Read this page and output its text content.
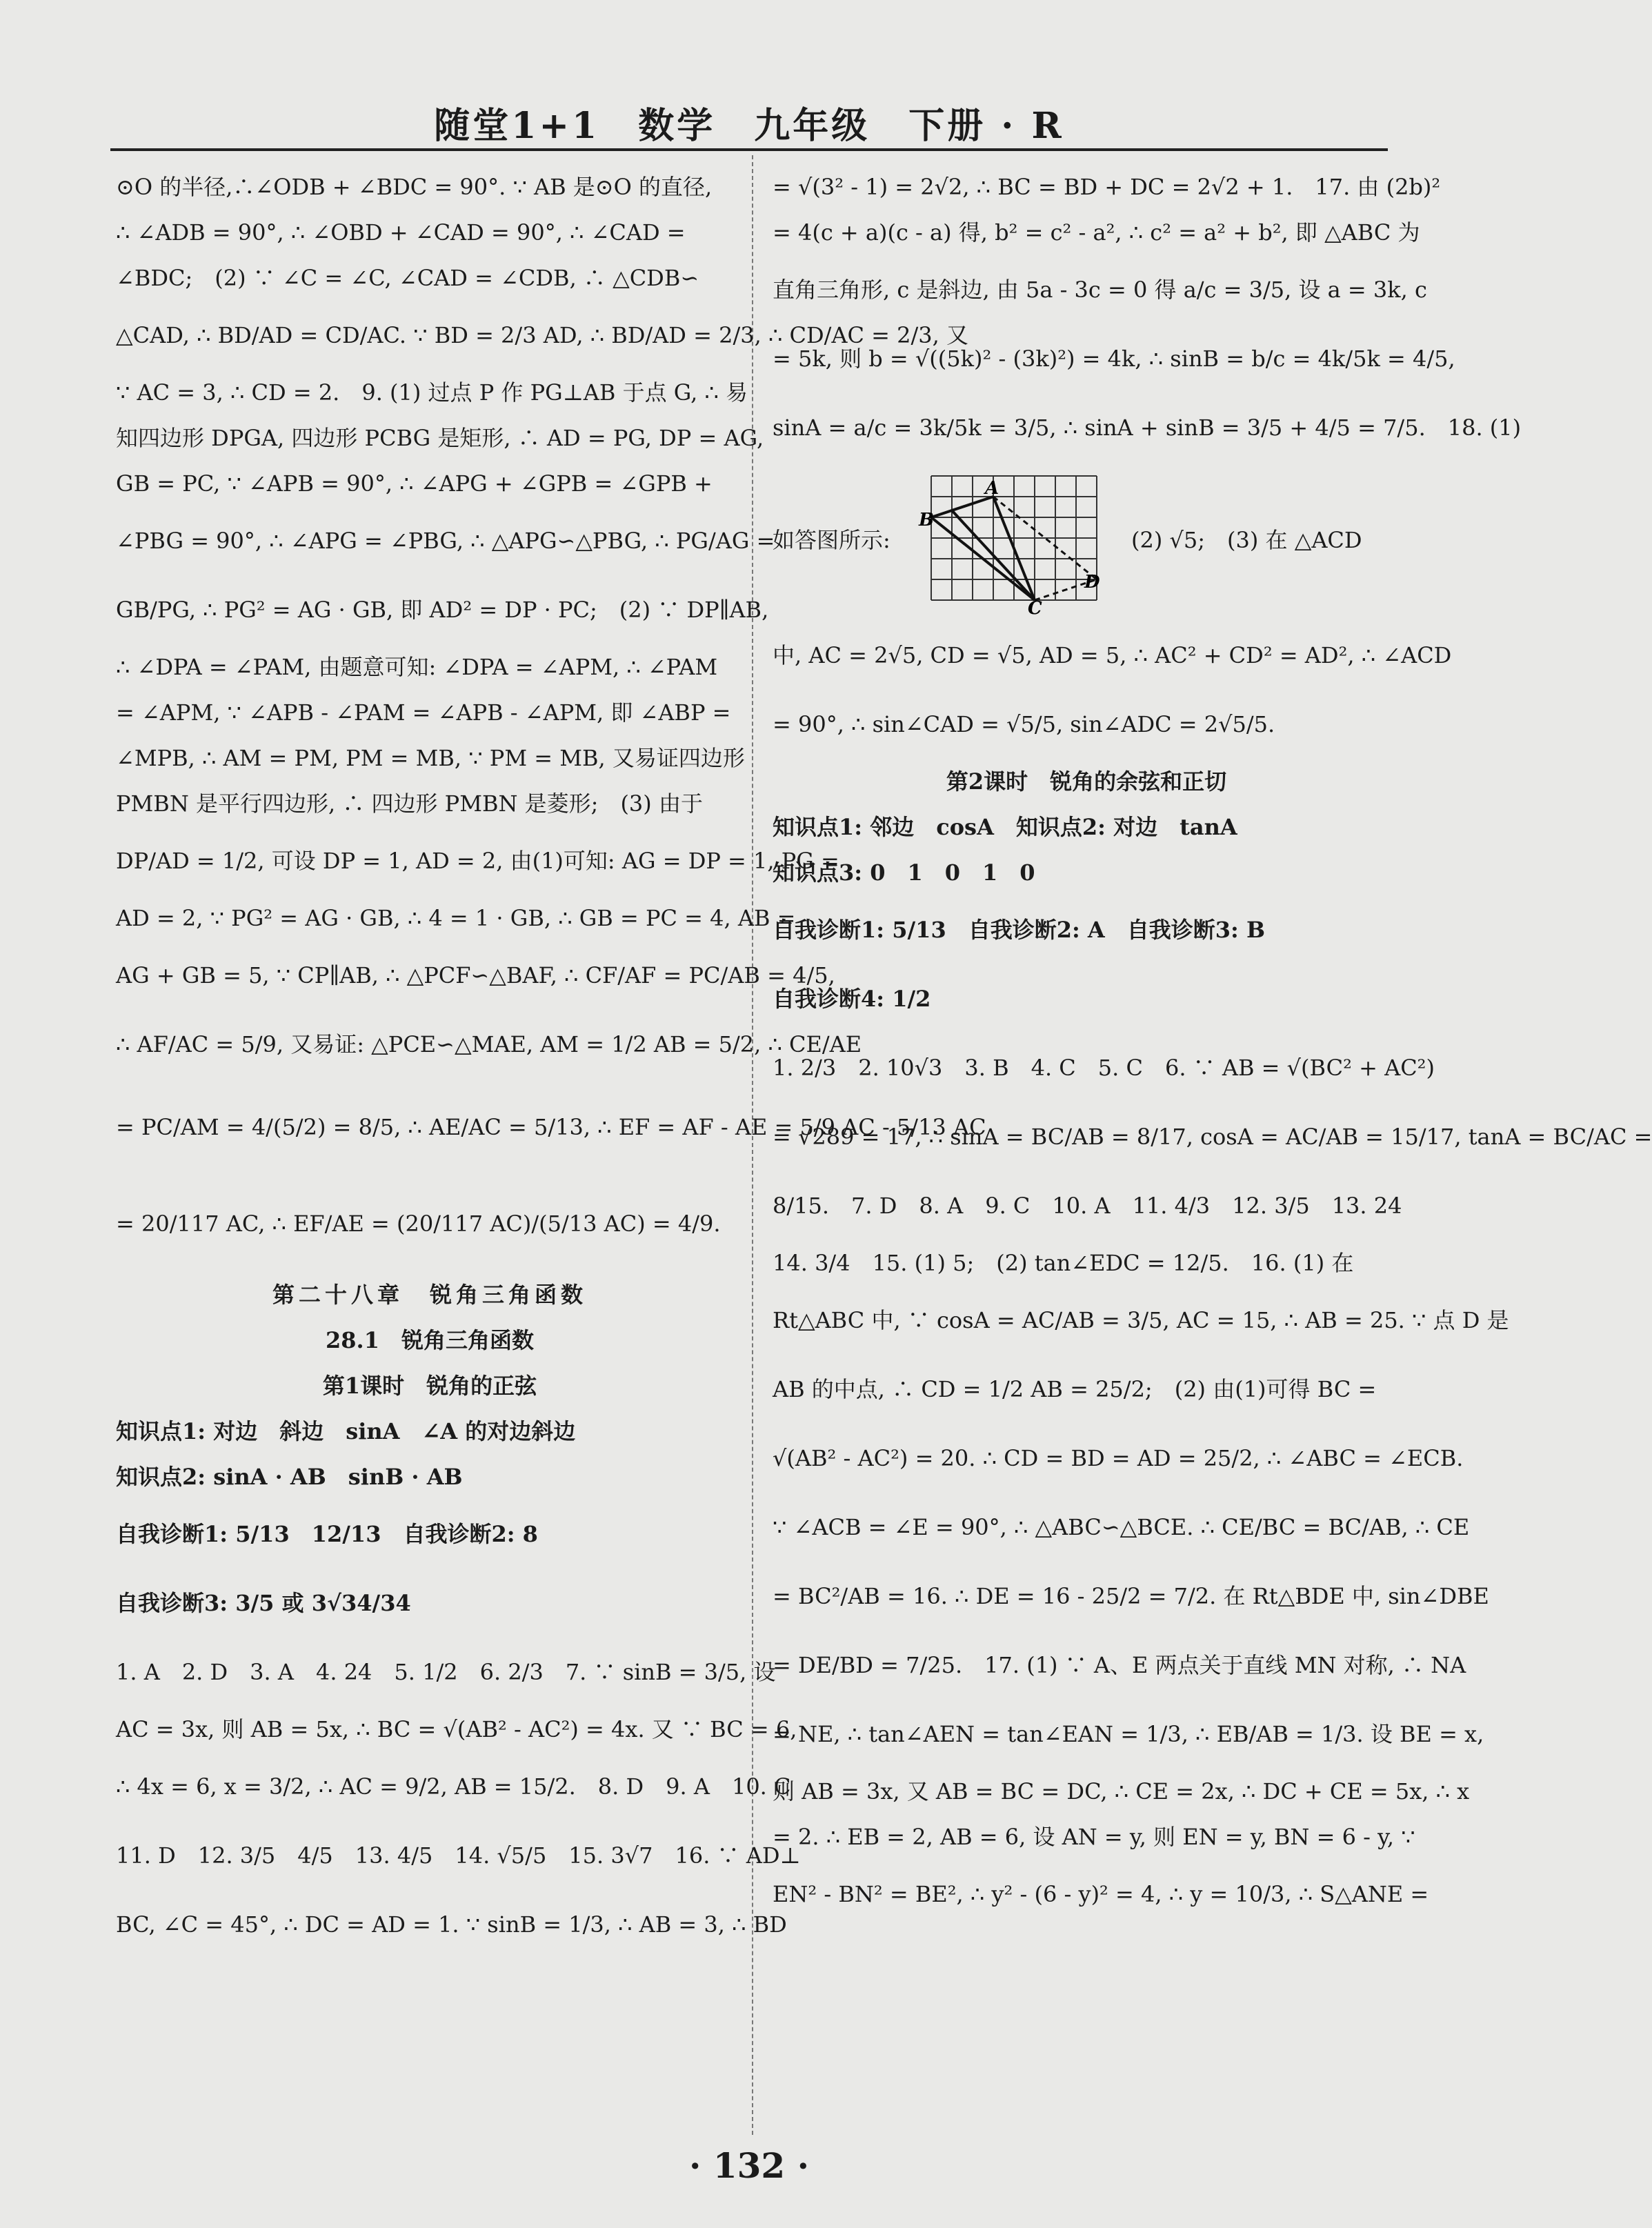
随堂1+1　数学　九年级　下册 · R
⊙O 的半径,∴∠ODB + ∠BDC = 90°. ∵ AB 是⊙O 的直径,
∴ ∠ADB = 90°, ∴ ∠OBD + ∠CAD = 90°, ∴ ∠CAD =
∠BDC;　(2) ∵ ∠C = ∠C, ∠CAD = ∠CDB, ∴ △CDB∽
△CAD, ∴ BD/AD = CD/AC. ∵ BD = 2/3 AD, ∴ BD/AD = 2/3, ∴ CD/AC = 2/3, 又
∵ AC = 3, ∴ CD = 2.　9. (1) 过点 P 作 PG⊥AB 于点 G, ∴ 易
知四边形 DPGA, 四边形 PCBG 是矩形, ∴ AD = PG, DP = AG,
GB = PC, ∵ ∠APB = 90°, ∴ ∠APG + ∠GPB = ∠GPB +
∠PBG = 90°, ∴ ∠APG = ∠PBG, ∴ △APG∽△PBG, ∴ PG/AG =
GB/PG, ∴ PG² = AG · GB, 即 AD² = DP · PC;　(2) ∵ DP∥AB,
∴ ∠DPA = ∠PAM, 由题意可知: ∠DPA = ∠APM, ∴ ∠PAM
= ∠APM, ∵ ∠APB - ∠PAM = ∠APB - ∠APM, 即 ∠ABP =
∠MPB, ∴ AM = PM, PM = MB, ∵ PM = MB, 又易证四边形
PMBN 是平行四边形, ∴ 四边形 PMBN 是菱形;　(3) 由于
DP/AD = 1/2, 可设 DP = 1, AD = 2, 由(1)可知: AG = DP = 1, PG =
AD = 2, ∵ PG² = AG · GB, ∴ 4 = 1 · GB, ∴ GB = PC = 4, AB =
AG + GB = 5, ∵ CP∥AB, ∴ △PCF∽△BAF, ∴ CF/AF = PC/AB = 4/5,
∴ AF/AC = 5/9, 又易证: △PCE∽△MAE, AM = 1/2 AB = 5/2, ∴ CE/AE
= PC/AM = 4/(5/2) = 8/5, ∴ AE/AC = 5/13, ∴ EF = AF - AE = 5/9 AC - 5/13 AC
= 20/117 AC, ∴ EF/AE = (20/117 AC)/(5/13 AC) = 4/9.
第二十八章　锐角三角函数
28.1　锐角三角函数
第1课时　锐角的正弦
知识点1: 对边　斜边　sinA　∠A 的对边斜边
知识点2: sinA · AB　sinB · AB
自我诊断1: 5/13　12/13　自我诊断2: 8
自我诊断3: 3/5 或 3√34/34
1. A　2. D　3. A　4. 24　5. 1/2　6. 2/3　7. ∵ sinB = 3/5, 设
AC = 3x, 则 AB = 5x, ∴ BC = √(AB² - AC²) = 4x. 又 ∵ BC = 6,
∴ 4x = 6, x = 3/2, ∴ AC = 9/2, AB = 15/2.　8. D　9. A　10. C
11. D　12. 3/5　4/5　13. 4/5　14. √5/5　15. 3√7　16. ∵ AD⊥
BC, ∠C = 45°, ∴ DC = AD = 1. ∵ sinB = 1/3, ∴ AB = 3, ∴ BD
= √(3² - 1) = 2√2, ∴ BC = BD + DC = 2√2 + 1.　17. 由 (2b)²
= 4(c + a)(c - a) 得, b² = c² - a², ∴ c² = a² + b², 即 △ABC 为
直角三角形, c 是斜边, 由 5a - 3c = 0 得 a/c = 3/5, 设 a = 3k, c
= 5k, 则 b = √((5k)² - (3k)²) = 4k, ∴ sinB = b/c = 4k/5k = 4/5,
sinA = a/c = 3k/5k = 3/5, ∴ sinA + sinB = 3/5 + 4/5 = 7/5.　18. (1)
如答图所示:
A
B
C
D
(2) √5;　(3) 在 △ACD
中, AC = 2√5, CD = √5, AD = 5, ∴ AC² + CD² = AD², ∴ ∠ACD
= 90°, ∴ sin∠CAD = √5/5, sin∠ADC = 2√5/5.
第2课时　锐角的余弦和正切
知识点1: 邻边　cosA　知识点2: 对边　tanA
知识点3: 0　1　0　1　0
自我诊断1: 5/13　自我诊断2: A　自我诊断3: B
自我诊断4: 1/2
1. 2/3　2. 10√3　3. B　4. C　5. C　6. ∵ AB = √(BC² + AC²)
= √289 = 17, ∴ sinA = BC/AB = 8/17, cosA = AC/AB = 15/17, tanA = BC/AC =
8/15.　7. D　8. A　9. C　10. A　11. 4/3　12. 3/5　13. 24
14. 3/4　15. (1) 5;　(2) tan∠EDC = 12/5.　16. (1) 在
Rt△ABC 中, ∵ cosA = AC/AB = 3/5, AC = 15, ∴ AB = 25. ∵ 点 D 是
AB 的中点, ∴ CD = 1/2 AB = 25/2;　(2) 由(1)可得 BC =
√(AB² - AC²) = 20. ∴ CD = BD = AD = 25/2, ∴ ∠ABC = ∠ECB.
∵ ∠ACB = ∠E = 90°, ∴ △ABC∽△BCE. ∴ CE/BC = BC/AB, ∴ CE
= BC²/AB = 16. ∴ DE = 16 - 25/2 = 7/2. 在 Rt△BDE 中, sin∠DBE
= DE/BD = 7/25.　17. (1) ∵ A、E 两点关于直线 MN 对称, ∴ NA
= NE, ∴ tan∠AEN = tan∠EAN = 1/3, ∴ EB/AB = 1/3. 设 BE = x,
则 AB = 3x, 又 AB = BC = DC, ∴ CE = 2x, ∴ DC + CE = 5x, ∴ x
= 2. ∴ EB = 2, AB = 6, 设 AN = y, 则 EN = y, BN = 6 - y, ∵
EN² - BN² = BE², ∴ y² - (6 - y)² = 4, ∴ y = 10/3, ∴ S△ANE =
· 132 ·
